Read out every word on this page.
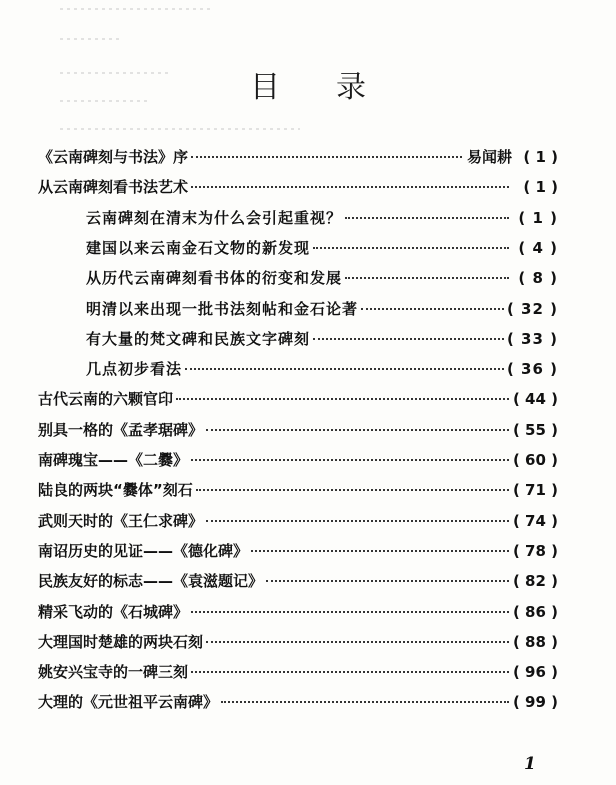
目录
《云南碑刻与书法》序	易闻耕 ( 1 )
从云南碑刻看书法艺术	( 1 )
云南碑刻在清末为什么会引起重视？	( 1 )
建国以来云南金石文物的新发现	( 4 )
从历代云南碑刻看书体的衍变和发展	( 8 )
明清以来出现一批书法刻帖和金石论著	( 32 )
有大量的梵文碑和民族文字碑刻	( 33 )
几点初步看法	( 36 )
古代云南的六颗官印	( 44 )
别具一格的《孟孝琚碑》	( 55 )
南碑瑰宝——《二爨》	( 60 )
陆良的两块“爨体”刻石	( 71 )
武则天时的《王仁求碑》	( 74 )
南诏历史的见证——《德化碑》	( 78 )
民族友好的标志——《袁滋题记》	( 82 )
精采飞动的《石城碑》	( 86 )
大理国时楚雄的两块石刻	( 88 )
姚安兴宝寺的一碑三刻	( 96 )
大理的《元世祖平云南碑》	( 99 )
1
